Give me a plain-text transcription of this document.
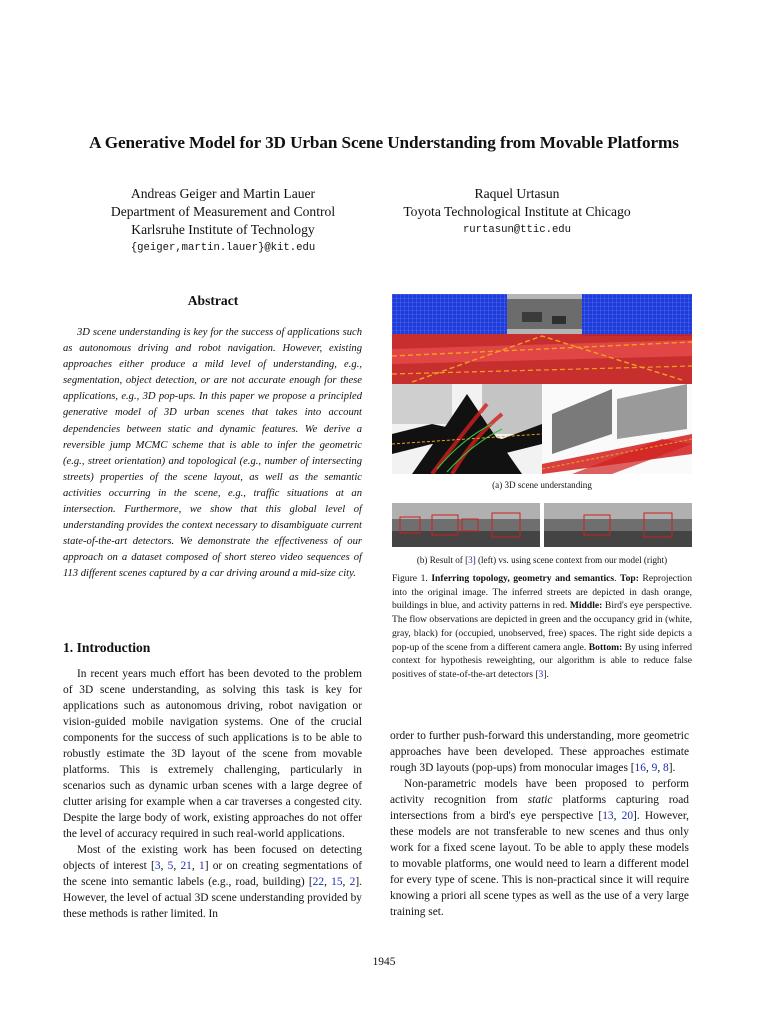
A Generative Model for 3D Urban Scene Understanding from Movable Platforms
Andreas Geiger and Martin Lauer
Department of Measurement and Control
Karlsruhe Institute of Technology
{geiger,martin.lauer}@kit.edu
Raquel Urtasun
Toyota Technological Institute at Chicago
rurtasun@ttic.edu
Abstract

3D scene understanding is key for the success of applications such as autonomous driving and robot navigation. However, existing approaches either produce a mild level of understanding, e.g., segmentation, object detection, or are not accurate enough for these applications, e.g., 3D pop-ups. In this paper we propose a principled generative model of 3D urban scenes that takes into account dependencies between static and dynamic features. We derive a reversible jump MCMC scheme that is able to infer the geometric (e.g., street orientation) and topological (e.g., number of intersecting streets) properties of the scene layout, as well as the semantic activities occurring in the scene, e.g., traffic situations at an intersection. Furthermore, we show that this global level of understanding provides the context necessary to disambiguate current state-of-the-art detectors. We demonstrate the effectiveness of our approach on a dataset composed of short stereo video sequences of 113 different scenes captured by a car driving around a mid-size city.

1. Introduction

In recent years much effort has been devoted to the problem of 3D scene understanding, as solving this task is key for applications such as autonomous driving, robot navigation or vision-guided mobile navigation systems. One of the crucial components for the success of such applications is to be able to robustly estimate the 3D layout of the scene from movable platforms. This is extremely challenging, particularly in scenarios such as dynamic urban scenes with a large degree of clutter arising for example when a car traverses a congested city. Despite the large body of work, existing approaches do not offer the level of accuracy required in such real-world applications.

Most of the existing work has been focused on detecting objects of interest [3, 5, 21, 1] or on creating segmentations of the scene into semantic labels (e.g., road, building) [22, 15, 2]. However, the level of actual 3D scene understanding provided by these methods is rather limited. In

(a) 3D scene understanding
(b) Result of [3] (left) vs. using scene context from our model (right)
Figure 1. Inferring topology, geometry and semantics. Top: Reprojection into the original image. The inferred streets are depicted in dash orange, buildings in blue, and activity patterns in red. Middle: Bird's eye perspective. The flow observations are depicted in green and the occupancy grid in (white, gray, black) for (occupied, unobserved, free) spaces. The right side depicts a pop-up of the scene from a different camera angle. Bottom: By using inferred context for hypothesis reweighting, our algorithm is able to reduce false positives of state-of-the-art detectors [3].

order to further push-forward this understanding, more geometric approaches have been developed. These approaches estimate rough 3D layouts (pop-ups) from monocular images [16, 9, 8].

Non-parametric models have been proposed to perform activity recognition from static platforms capturing road intersections from a bird's eye perspective [13, 20]. However, these models are not transferable to new scenes and thus only work for a fixed scene layout. To be able to apply these models to movable platforms, one would need to learn a different model for every type of scene. This is non-practical since it will require knowing a priori all scene types as well as the use of a very large training set.

1945
